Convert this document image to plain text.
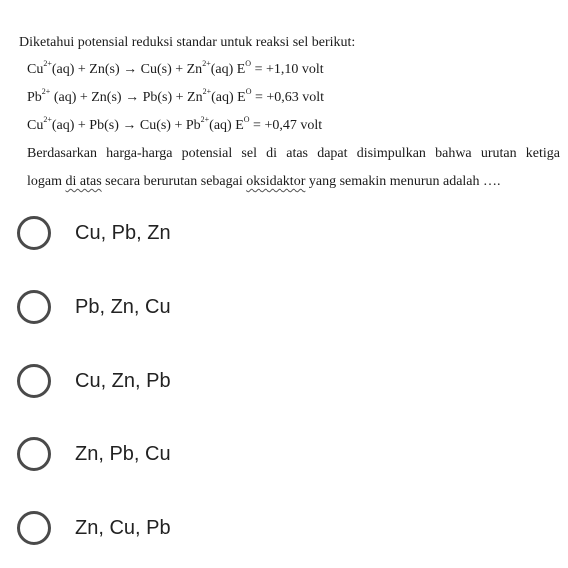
Diketahui potensial reduksi standar untuk reaksi sel berikut:
$Cu^{2+}(aq) + Zn(s) \to Cu(s) + Zn^{2+}(aq) E^O = +1,10$ volt
$Pb^{2+}$ $(aq) + Zn(s) \to Pb(s) + Zn^{2+}(aq) E^O = +0,63$ volt
$Cu^{2+}(aq) + Pb(s) \to Cu(s) + Pb^{2+}(aq) E^O = +0,47$ volt
Berdasarkan harga-harga potensial sel di atas dapat disimpulkan bahwa urutan ketiga
logam di atas secara berurutan sebagai oksidaktor yang semakin menurun adalah ….
Cu, Pb, Zn
Pb, Zn, Cu
Cu, Zn, Pb
Zn, Pb, Cu
Zn, Cu, Pb
